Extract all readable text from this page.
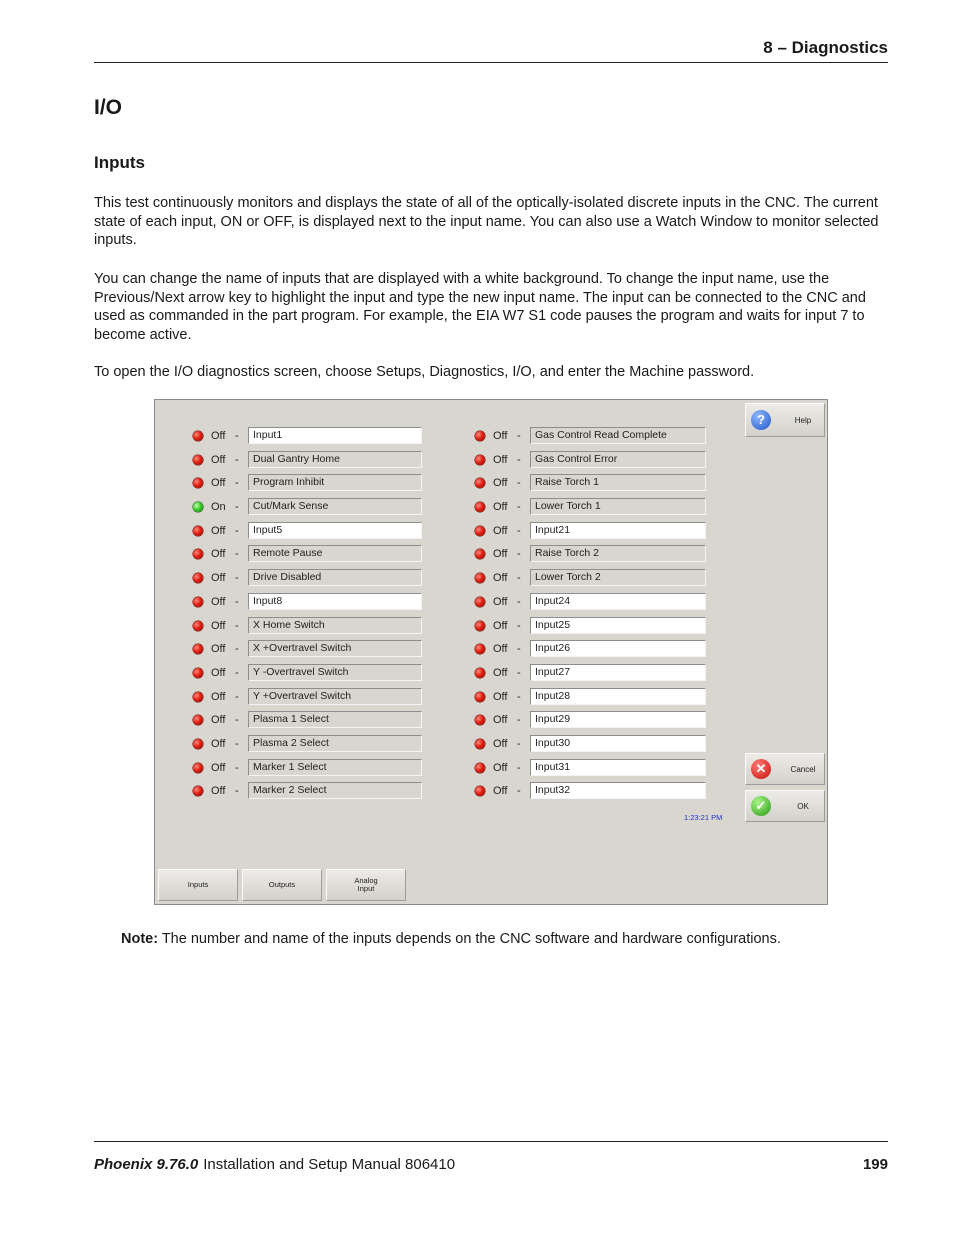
8 – Diagnostics
I/O
Inputs

This test continuously monitors and displays the state of all of the optically-isolated discrete inputs in the CNC. The current state of each input, ON or OFF, is displayed next to the input name. You can also use a Watch Window to monitor selected inputs.

You can change the name of inputs that are displayed with a white background. To change the input name, use the Previous/Next arrow key to highlight the input and type the new input name. The input can be connected to the CNC and used as commanded in the part program. For example, the EIA W7 S1 code pauses the program and waits for input 7 to become active.

To open the I/O diagnostics screen, choose Setups, Diagnostics, I/O, and enter the Machine password.

Off -	Input1
Off -	Dual Gantry Home
Off -	Program Inhibit
On -	Cut/Mark Sense
Off -	Input5
Off -	Remote Pause
Off -	Drive Disabled
Off -	Input8
Off -	X Home Switch
Off -	X +Overtravel Switch
Off -	Y -Overtravel Switch
Off -	Y +Overtravel Switch
Off -	Plasma 1 Select
Off -	Plasma 2 Select
Off -	Marker 1 Select
Off -	Marker 2 Select
Off -	Gas Control Read Complete
Off -	Gas Control Error
Off -	Raise Torch 1
Off -	Lower Torch 1
Off -	Input21
Off -	Raise Torch 2
Off -	Lower Torch 2
Off -	Input24
Off -	Input25
Off -	Input26
Off -	Input27
Off -	Input28
Off -	Input29
Off -	Input30
Off -	Input31
Off -	Input32
?	Help
✕	Cancel
✓	OK
1:23:21 PM
Inputs	Outputs	Analog
Input
Note: The number and name of the inputs depends on the CNC software and hardware configurations.
Phoenix 9.76.0 Installation and Setup Manual 806410	199
